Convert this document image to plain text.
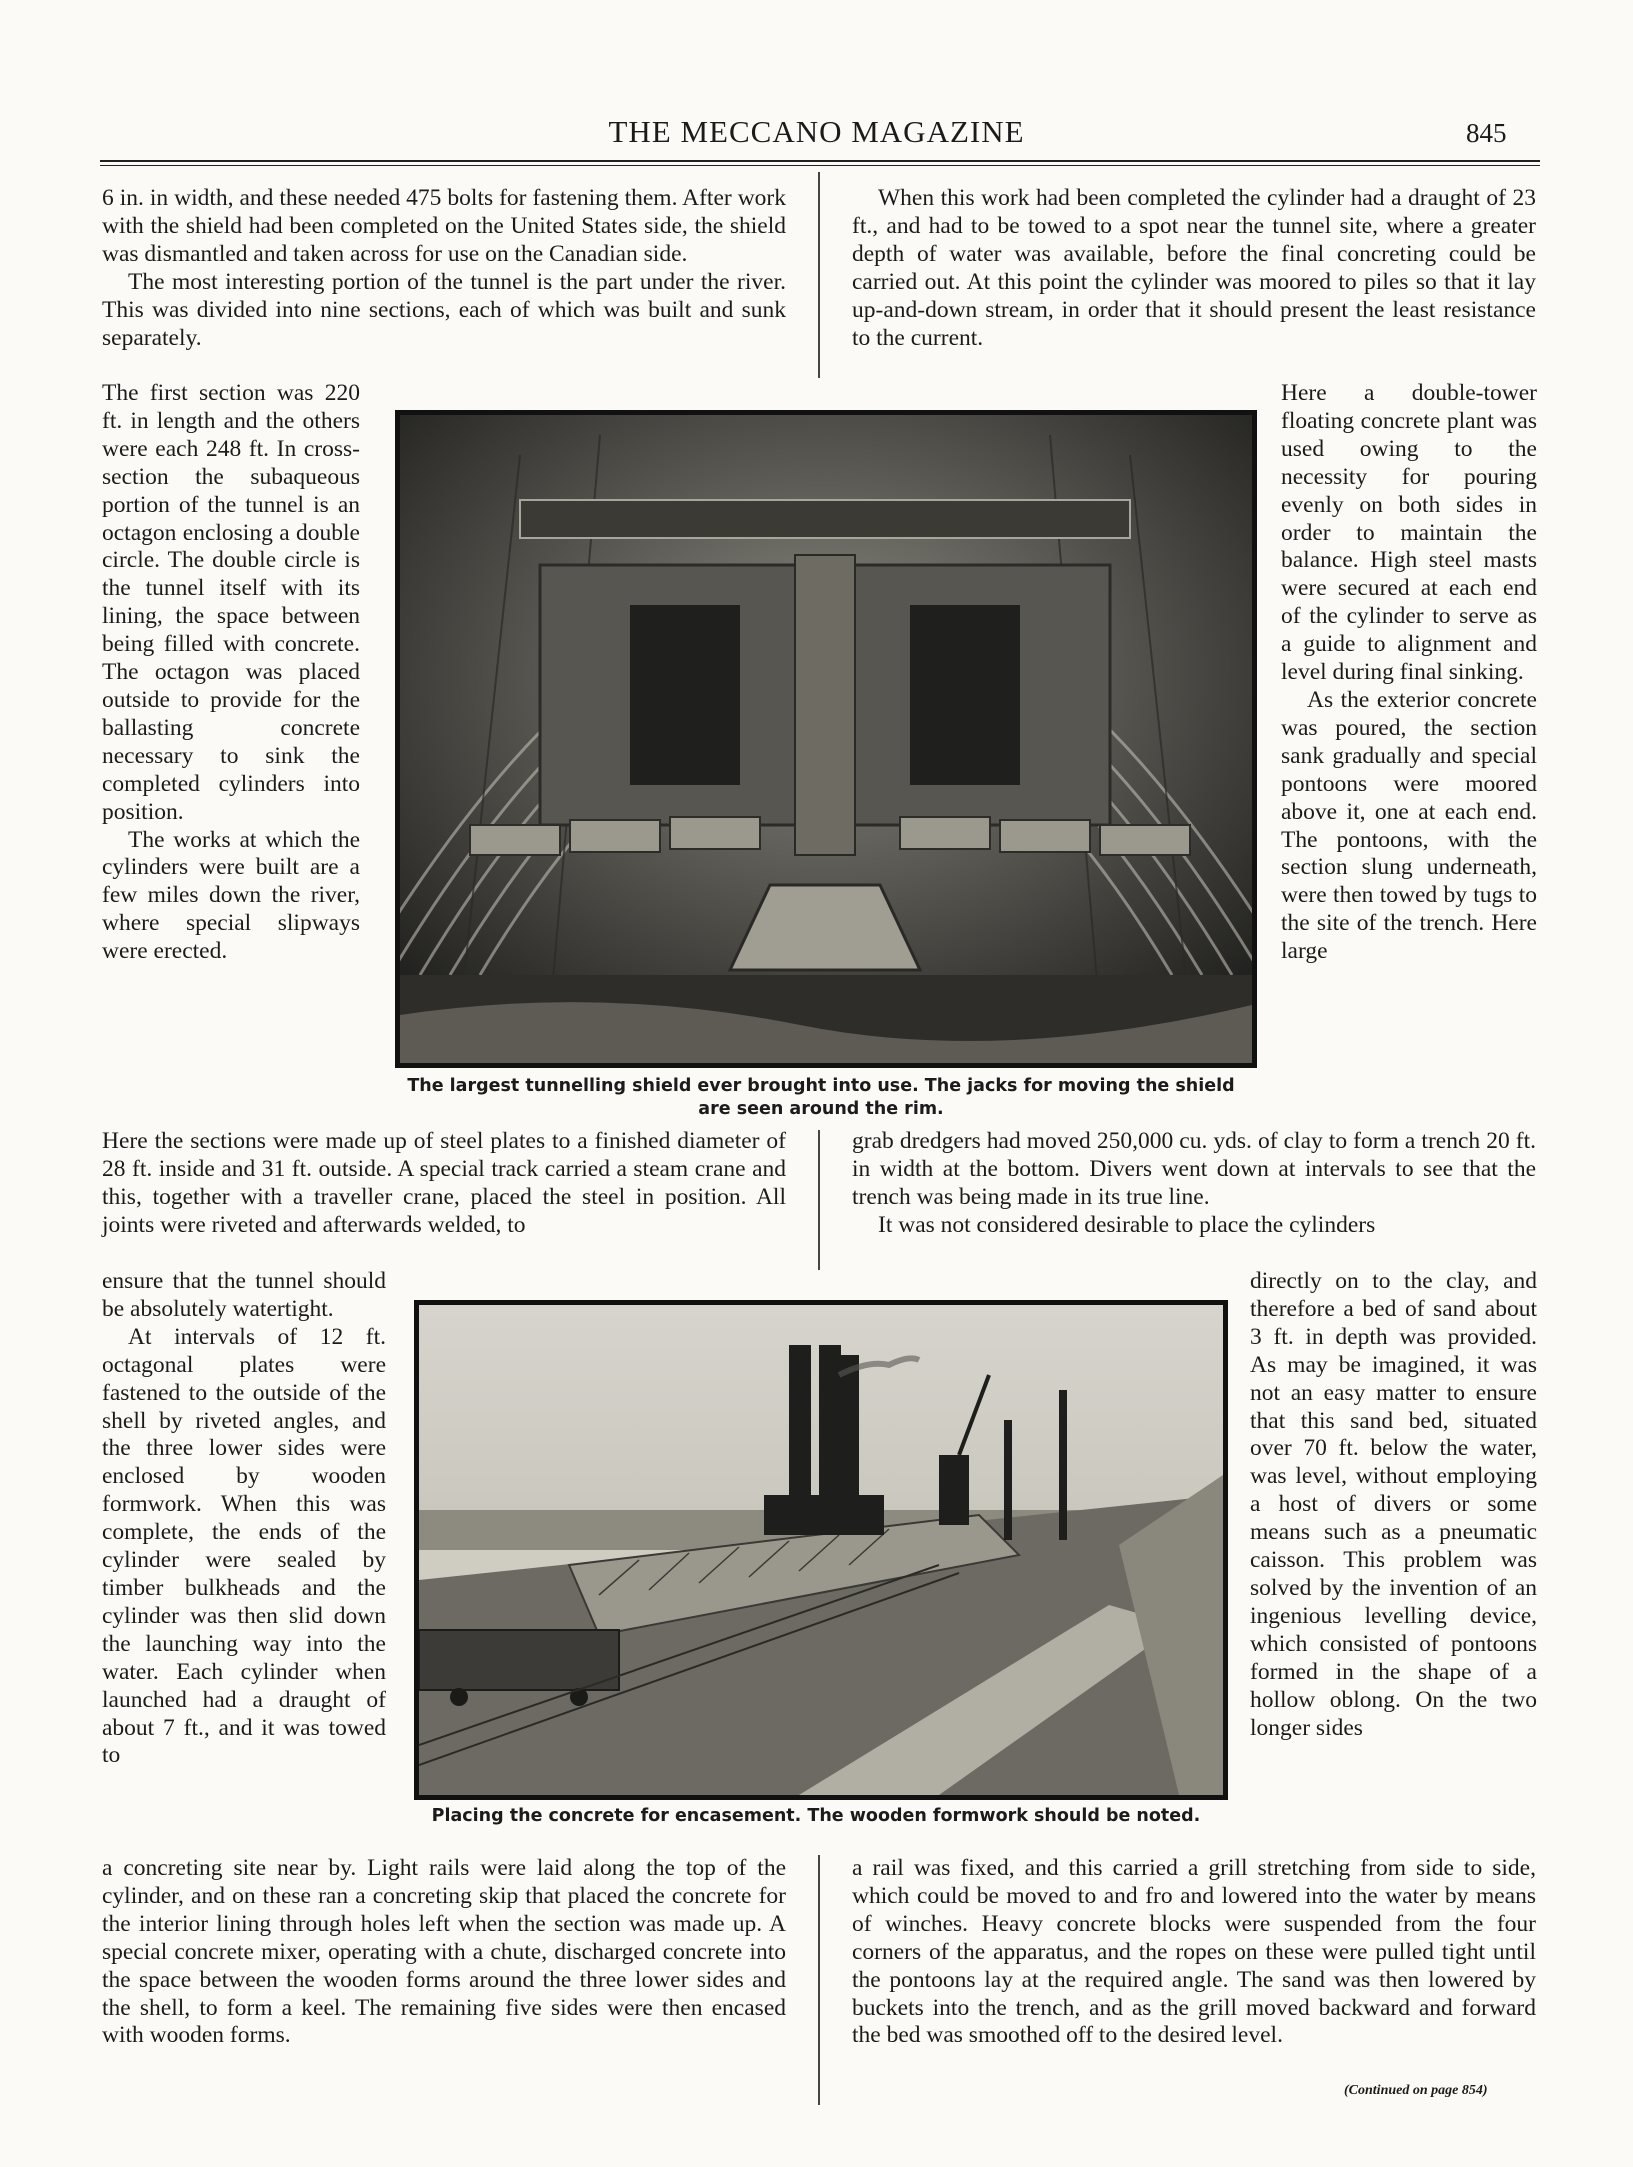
THE MECCANO MAGAZINE	845

6 in. in width, and these needed 475 bolts for fastening them. After work with the shield had been completed on the United States side, the shield was dismantled and taken across for use on the Canadian side.

The most interesting portion of the tunnel is the part under the river. This was divided into nine sections, each of which was built and sunk separately.

When this work had been completed the cylinder had a draught of 23 ft., and had to be towed to a spot near the tunnel site, where a greater depth of water was available, before the final concreting could be carried out. At this point the cylinder was moored to piles so that it lay up-and-down stream, in order that it should present the least resistance to the current.

The first section was 220 ft. in length and the others were each 248 ft. In cross-section the subaqueous portion of the tunnel is an octagon enclosing a double circle. The double circle is the tunnel itself with its lining, the space between being filled with concrete. The octagon was placed outside to provide for the ballasting concrete necessary to sink the completed cylinders into position.

The works at which the cylinders were built are a few miles down the river, where special slipways were erected.

Here a double-tower floating concrete plant was used owing to the necessity for pouring evenly on both sides in order to maintain the balance. High steel masts were secured at each end of the cylinder to serve as a guide to alignment and level during final sinking.

As the exterior concrete was poured, the section sank gradually and special pontoons were moored above it, one at each end. The pontoons, with the section slung underneath, were then towed by tugs to the site of the trench. Here large

The largest tunnelling shield ever brought into use. The jacks for moving the shield are seen around the rim.

Here the sections were made up of steel plates to a finished diameter of 28 ft. inside and 31 ft. outside. A special track carried a steam crane and this, together with a traveller crane, placed the steel in position. All joints were riveted and afterwards welded, to

grab dredgers had moved 250,000 cu. yds. of clay to form a trench 20 ft. in width at the bottom. Divers went down at intervals to see that the trench was being made in its true line.

It was not considered desirable to place the cylinders

ensure that the tunnel should be absolutely watertight.

At intervals of 12 ft. octagonal plates were fastened to the outside of the shell by riveted angles, and the three lower sides were enclosed by wooden formwork. When this was complete, the ends of the cylinder were sealed by timber bulkheads and the cylinder was then slid down the launching way into the water. Each cylinder when launched had a draught of about 7 ft., and it was towed to

directly on to the clay, and therefore a bed of sand about 3 ft. in depth was provided. As may be imagined, it was not an easy matter to ensure that this sand bed, situated over 70 ft. below the water, was level, without employing a host of divers or some means such as a pneumatic caisson. This problem was solved by the invention of an ingenious levelling device, which consisted of pontoons formed in the shape of a hollow oblong. On the two longer sides

Placing the concrete for encasement. The wooden formwork should be noted.

a concreting site near by. Light rails were laid along the top of the cylinder, and on these ran a concreting skip that placed the concrete for the interior lining through holes left when the section was made up. A special concrete mixer, operating with a chute, discharged concrete into the space between the wooden forms around the three lower sides and the shell, to form a keel. The remaining five sides were then encased with wooden forms.

a rail was fixed, and this carried a grill stretching from side to side, which could be moved to and fro and lowered into the water by means of winches. Heavy concrete blocks were suspended from the four corners of the apparatus, and the ropes on these were pulled tight until the pontoons lay at the required angle. The sand was then lowered by buckets into the trench, and as the grill moved backward and forward the bed was smoothed off to the desired level.

(Continued on page 854)
